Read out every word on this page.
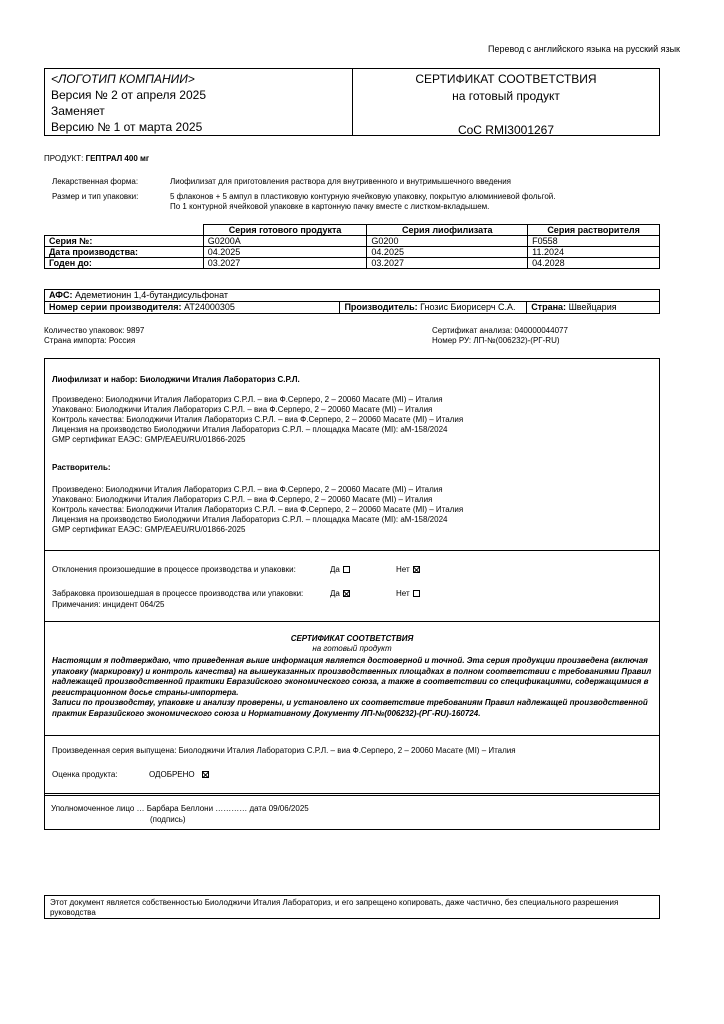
Перевод с английского языка на русский язык
<ЛОГОТИП КОМПАНИИ>
Версия № 2 от апреля 2025
Заменяет
Версию № 1 от марта 2025
СЕРТИФИКАТ СООТВЕТСТВИЯ
на готовый продукт
CoC RMI3001267
ПРОДУКТ: ГЕПТРАЛ 400 мг
Лекарственная форма:	Лиофилизат для приготовления раствора для внутривенного и внутримышечного введения
Размер и тип упаковки:	5 флаконов + 5 ампул в пластиковую контурную ячейковую упаковку, покрытую алюминиевой фольгой.
По 1 контурной ячейковой упаковке в картонную пачку вместе с листком-вкладышем.
	Серия готового продукта	Серия лиофилизата	Серия растворителя
Серия №:	G0200A	G0200	F0558
Дата производства:	04.2025	04.2025	11.2024
Годен до:	03.2027	03.2027	04.2028
АФС: Адеметионин 1,4-бутандисульфонат
Номер серии производителя: AT24000305	Производитель: Гнозис Биорисерч С.А.	Страна: Швейцария
Количество упаковок: 9897
Страна импорта: Россия
Сертификат анализа: 040000044077
Номер РУ: ЛП-№(006232)-(РГ-RU)
Лиофилизат и набор: Биолоджичи Италия Лабораториз С.Р.Л.
Произведено: Биолоджичи Италия Лабораториз С.Р.Л. – виа Ф.Серперо, 2 – 20060 Масате (MI) – Италия
Упаковано: Биолоджичи Италия Лабораториз С.Р.Л. – виа Ф.Серперо, 2 – 20060 Масате (MI) – Италия
Контроль качества: Биолоджичи Италия Лабораториз С.Р.Л. – виа Ф.Серперо, 2 – 20060 Масате (MI) – Италия
Лицензия на производство Биолоджичи Италия Лабораториз С.Р.Л. – площадка Масате (MI): aM-158/2024
GMP сертификат ЕАЭС: GMP/EAEU/RU/01866-2025
Растворитель:
Произведено: Биолоджичи Италия Лабораториз С.Р.Л. – виа Ф.Серперо, 2 – 20060 Масате (MI) – Италия
Упаковано: Биолоджичи Италия Лабораториз С.Р.Л. – виа Ф.Серперо, 2 – 20060 Масате (MI) – Италия
Контроль качества: Биолоджичи Италия Лабораториз С.Р.Л. – виа Ф.Серперо, 2 – 20060 Масате (MI) – Италия
Лицензия на производство Биолоджичи Италия Лабораториз С.Р.Л. – площадка Масате (MI): aM-158/2024
GMP сертификат ЕАЭС: GMP/EAEU/RU/01866-2025
Отклонения произошедшие в процессе производства и упаковки:	Да	Нет
Забраковка произошедшая в процессе производства или упаковки:	Да	Нет
Примечания: инцидент 064/25
СЕРТИФИКАТ СООТВЕТСТВИЯ
на готовый продукт
Настоящим я подтверждаю, что приведенная выше информация является достоверной и точной. Эта серия продукции произведена (включая упаковку (маркировку) и контроль качества) на вышеуказанных производственных площадках в полном соответствии с требованиями Правил надлежащей производственной практики Евразийского экономического союза, а также в соответствии со спецификациями, содержащимися в регистрационном досье страны-импортера.
Записи по производству, упаковке и анализу проверены, и установлено их соответствие требованиям Правил надлежащей производственной практик Евразийского экономического союза и Нормативному Документу ЛП-№(006232)-(РГ-RU)-160724.
Произведенная серия выпущена: Биолоджичи Италия Лабораториз С.Р.Л. – виа Ф.Серперо, 2 – 20060 Масате (MI) – Италия
Оценка продукта:	ОДОБРЕНО
Уполномоченное лицо … Барбара Беллони ………… дата 09/06/2025
(подпись)
Этот документ является собственностью Биолоджичи Италия Лабораториз, и его запрещено копировать, даже частично, без специального разрешения руководства
